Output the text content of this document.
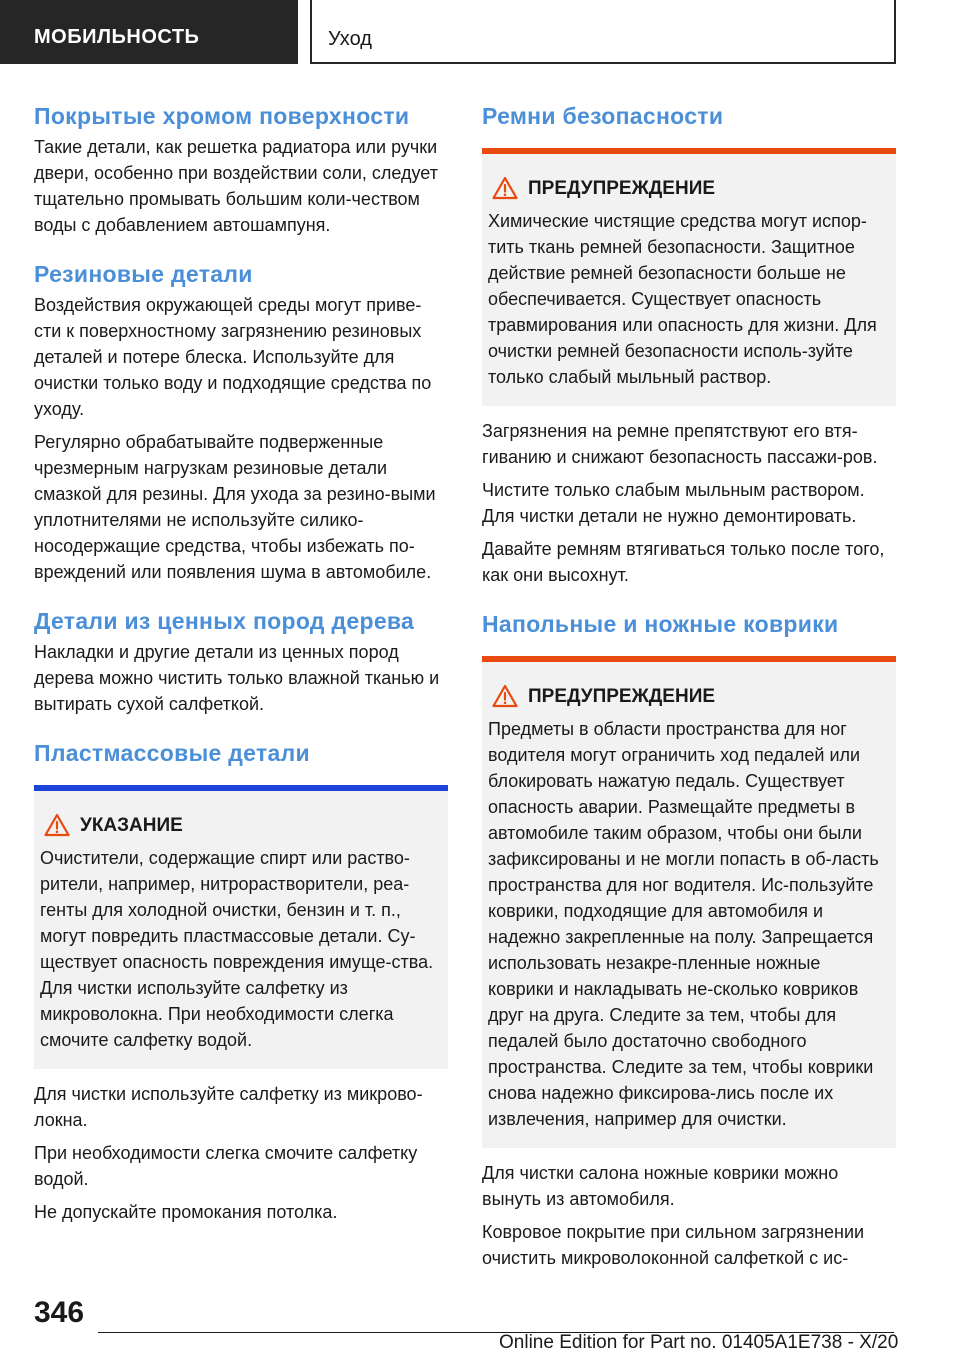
МОБИЛЬНОСТЬ	Уход
Покрытые хромом поверхности

Такие детали, как решетка радиатора или ручки двери, особенно при воздействии соли, следует тщательно промывать большим коли-чеством воды с добавлением автошампуня.

Резиновые детали

Воздействия окружающей среды могут приве-сти к поверхностному загрязнению резиновых деталей и потере блеска. Используйте для очистки только воду и подходящие средства по уходу.

Регулярно обрабатывайте подверженные чрезмерным нагрузкам резиновые детали смазкой для резины. Для ухода за резино-выми уплотнителями не используйте силико-носодержащие средства, чтобы избежать по-вреждений или появления шума в автомобиле.

Детали из ценных пород дерева

Накладки и другие детали из ценных пород дерева можно чистить только влажной тканью и вытирать сухой салфеткой.

Пластмассовые детали
УКАЗАНИЕ

Очистители, содержащие спирт или раство-рители, например, нитрорастворители, реа-генты для холодной очистки, бензин и т. п., могут повредить пластмассовые детали. Су-ществует опасность повреждения имуще-ства. Для чистки используйте салфетку из микроволокна. При необходимости слегка смочите салфетку водой.

Для чистки используйте салфетку из микрово-локна.

При необходимости слегка смочите салфетку водой.

Не допускайте промокания потолка.

Ремни безопасности
ПРЕДУПРЕЖДЕНИЕ

Химические чистящие средства могут испор-тить ткань ремней безопасности. Защитное действие ремней безопасности больше не обеспечивается. Существует опасность травмирования или опасность для жизни. Для очистки ремней безопасности исполь-зуйте только слабый мыльный раствор.

Загрязнения на ремне препятствуют его втя-гиванию и снижают безопасность пассажи-ров.

Чистите только слабым мыльным раствором. Для чистки детали не нужно демонтировать.

Давайте ремням втягиваться только после того, как они высохнут.

Напольные и ножные коврики
ПРЕДУПРЕЖДЕНИЕ

Предметы в области пространства для ног водителя могут ограничить ход педалей или блокировать нажатую педаль. Существует опасность аварии. Размещайте предметы в автомобиле таким образом, чтобы они были зафиксированы и не могли попасть в об-ласть пространства для ног водителя. Ис-пользуйте коврики, подходящие для автомобиля и надежно закрепленные на полу. Запрещается использовать незакре-пленные ножные коврики и накладывать не-сколько ковриков друг на друга. Следите за тем, чтобы для педалей было достаточно свободного пространства. Следите за тем, чтобы коврики снова надежно фиксирова-лись после их извлечения, например для очистки.

Для чистки салона ножные коврики можно вынуть из автомобиля.

Ковровое покрытие при сильном загрязнении очистить микроволоконной салфеткой с ис-

346
Online Edition for Part no. 01405A1E738 - X/20
